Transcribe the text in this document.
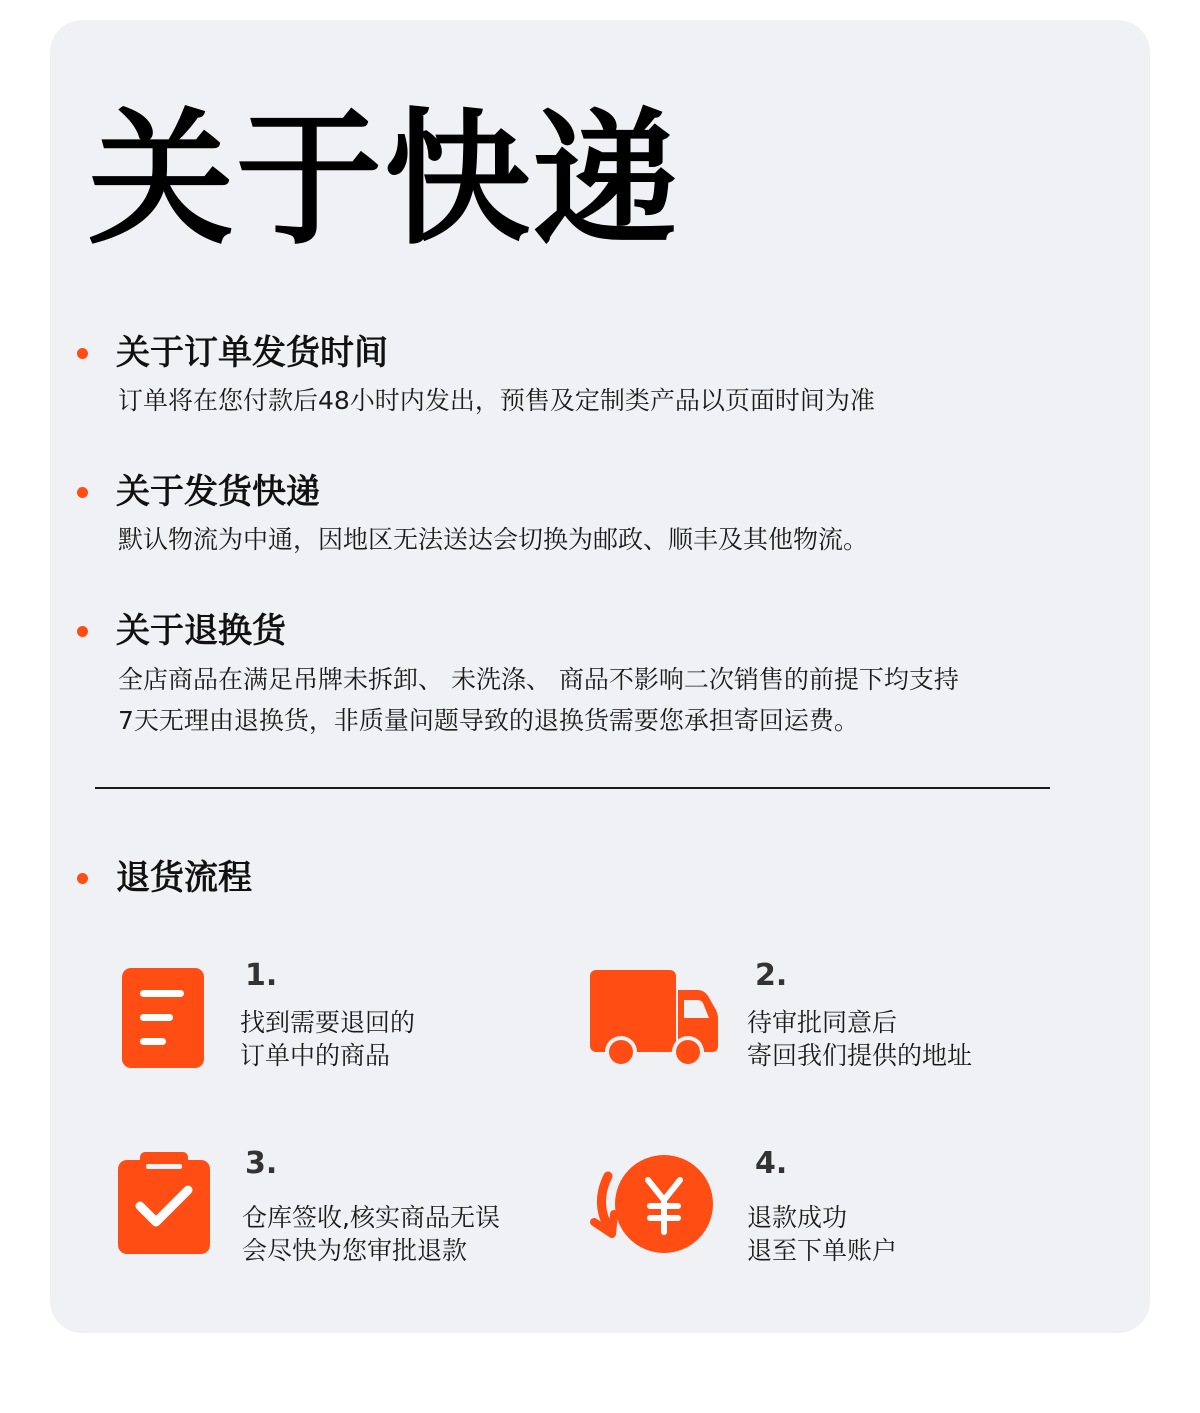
关于快递
关于订单发货时间
订单将在您付款后48小时内发出，预售及定制类产品以页面时间为准
关于发货快递
默认物流为中通，因地区无法送达会切换为邮政、顺丰及其他物流。
关于退换货
全店商品在满足吊牌未拆卸、 未洗涤、 商品不影响二次销售的前提下均支持
7天无理由退换货，非质量问题导致的退换货需要您承担寄回运费。
退货流程
1.
找到需要退回的
订单中的商品
2.
待审批同意后
寄回我们提供的地址
3.
仓库签收,核实商品无误
会尽快为您审批退款
4.
退款成功
退至下单账户
